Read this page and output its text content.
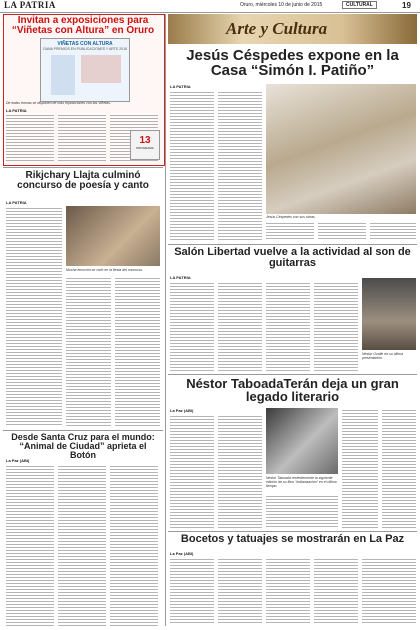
LA PATRIA	Oruro, miércoles 10 de junio de 2015	CULTURAL	19
Invitan a exposiciones para “Viñetas con Altura” en Oruro
VIÑETAS CON ALTURA
GANA PREMIOS EN PUBLICACIONES Y ARTE 2015
De todas formas se disponen de más exposiciones con las Viñetas.
LA PATRIA
13
PROGRAMA
Rikjchary Llajta culminó concurso de poesía y canto
LA PATRIA
Mucha emoción se vivió en la fiesta del concurso.
Desde Santa Cruz para el mundo: “Animal de Ciudad” aprieta el Botón
La Paz (ABI)
Arte y Cultura
Jesús Céspedes expone en la Casa “Simón I. Patiño”
LA PATRIA
Jesús Céspedes con sus obras.
Salón Libertad vuelve a la actividad al son de guitarras
LA PATRIA
Néstor Ovalle en su última presentación.
Néstor TaboadaTerán deja un gran legado literario
La Paz (ABI)
Néstor Taboada recientemente la siguiente edición de su libro “Indianización” en el último tiempo.
Bocetos y tatuajes se mostrarán en La Paz
La Paz (ABI)
